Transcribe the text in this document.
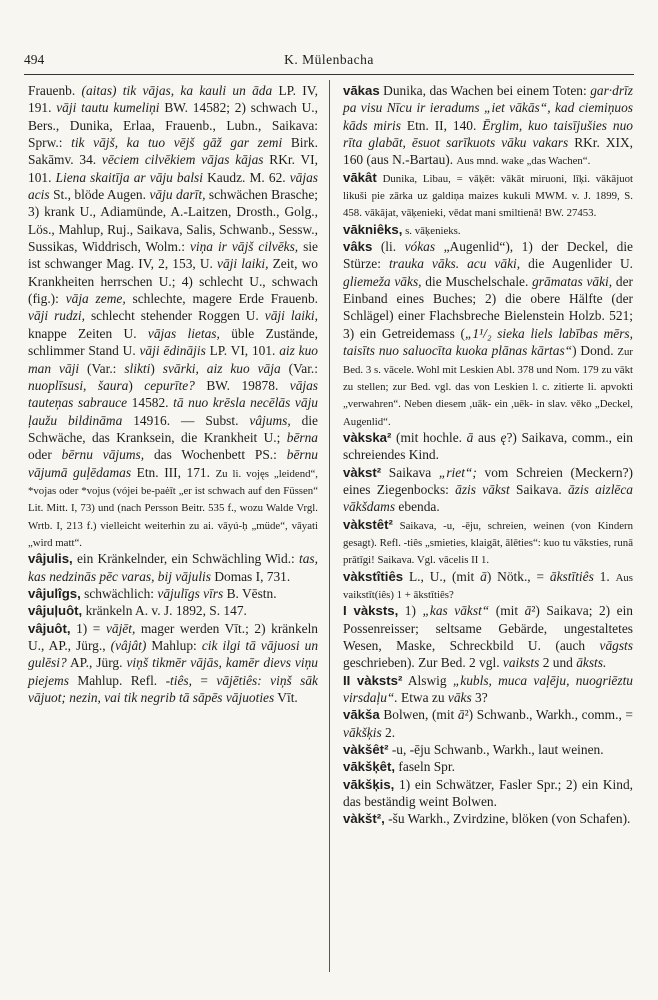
494	K. Mülenbacha

Frauenb. (aitas) tik vājas, ka kauli un āda LP. IV, 191. vāji tautu kumeliņi BW. 14582; 2) schwach U., Bers., Dunika, Erlaa, Frauenb., Lubn., Saikava: Sprw.: tik vājš, ka tuo vējš gāž gar zemi Birk. Sakāmv. 34. vēciem cilvēkiem vājas kājas RKr. VI, 101. Liena skaitīja ar vāju balsi Kaudz. M. 62. vājas acis St., blöde Augen. vāju darīt, schwächen Brasche; 3) krank U., Adiamünde, A.-Laitzen, Drosth., Golg., Lös., Mahlup, Ruj., Saikava, Salis, Schwanb., Sessw., Sussikas, Widdrisch, Wolm.: viņa ir vājš cilvēks, sie ist schwanger Mag. IV, 2, 153, U. vāji laiki, Zeit, wo Krankheiten herrschen U.; 4) schlecht U., schwach (fig.): vāja zeme, schlechte, magere Erde Frauenb. vāji rudzi, schlecht stehender Roggen U. vāji laiki, knappe Zeiten U. vājas lietas, üble Zustände, schlimmer Stand U. vāji ēdināјis LP. VI, 101. aiz kuo man vāji (Var.: slikti) svārki, aiz kuo vāja (Var.: nuoplīsusi, šaura) cepurīte? BW. 19878. vājas tauteņas sabrauce 14582. tā nuo krēsla necēlās vāju ļaužu bildināma 14916. — Subst. vâjums, die Schwäche, das Kranksein, die Krankheit U.; bērna oder bērnu vājums, das Wochenbett PS.: bērnu vājumā guļēdamas Etn. III, 171. Zu li. vojęs „leidend“, *vojas oder *vojus (vójei be-paėīt „er ist schwach auf den Füssen“ Lit. Mitt. I, 73) und (nach Persson Beitr. 535 f., wozu Walde Vrgl. Wrtb. I, 213 f.) vielleicht weiterhin zu ai. vāyú-ḥ „müde“, vāyati „wird matt“.

vâjulis, ein Kränkelnder, ein Schwächling Wid.: tas, kas nedzinās pēc varas, bij vājulis Domas I, 731.

vâjulîgs, schwächlich: vājulīgs vīrs B. Vēstn.

vâjuļuôt, kränkeln A. v. J. 1892, S. 147.

vâjuôt, 1) = vājēt, mager werden Vīt.; 2) kränkeln U., AP., Jürg., (vâjât) Mahlup: cik ilgi tā vājuosi un gulēsi? AP., Jürg. viņš tikmēr vājās, kamēr dievs viņu piejems Mahlup. Refl. -tiês, = vājētiês: viņš sāk vājuot; nezin, vai tik negrib tā sāpēs vājuoties Vīt.

vākas Dunika, das Wachen bei einem Toten: gar·drīz pa visu Nīcu ir ieradums „iet vākās“, kad ciemiņuos kāds miris Etn. II, 140. Ērglim, kuo taisījušies nuo rīta glabāt, ēsuot sarīkuots vāku vakars RKr. XIX, 160 (aus N.-Bartau). Aus mnd. wake „das Wachen“.

vākât Dunika, Libau, = vāķēt: vākāt miruoni, līķi. vākājuot likuši pie zārka uz galdiņa maizes kukuli MWM. v. J. 1899, S. 458. vākājat, vāķenieki, vēdat mani smiltienā! BW. 27453.

vākniêks, s. vāķenieks.

vâks (li. vókas „Augenlid“), 1) der Deckel, die Stürze: trauka vāks. acu vāki, die Augenlider U. gliemeža vāks, die Muschelschale. grāmatas vāki, der Einband eines Buches; 2) die obere Hälfte (der Schlägel) einer Flachsbreche Bielenstein Holzb. 521; 3) ein Getreidemass („1¹/₂ sieka liels labības mērs, taisīts nuo saluocīta kuoka plānas kārtas“) Dond. Zur Bed. 3 s. vācele. Wohl mit Leskien Abl. 378 und Nom. 179 zu vākt zu stellen; zur Bed. vgl. das von Leskien l. c. zitierte li. apvokti „verwahren“. Neben diesem ,uāk- ein ,uēk- in slav. věko „Deckel, Augenlid“.

vàkska² (mit hochle. ā aus ę?) Saikava, comm., ein schreiendes Kind.

vàkst² Saikava „riet“; vom Schreien (Meckern?) eines Ziegenbocks: āzis vākst Saikava. āzis aizlēca vākšdams ebenda.

vàkstêt² Saikava, -u, -ēju, schreien, weinen (von Kindern gesagt). Refl. -tiês „smieties, klaigāt, ālēties“: kuo tu vāksties, runā prātīgi! Saikava. Vgl. vācelis II 1.

vàkstîtiês L., U., (mit ā) Nötk., = ākstītiês 1. Aus vaikstīt(iês) 1 + ākstītiês?

I vàksts, 1) „kas vākst“ (mit ā²) Saikava; 2) ein Possenreisser; seltsame Gebärde, ungestaltetes Wesen, Maske, Schreckbild U. (auch vāgsts geschrieben). Zur Bed. 2 vgl. vaiksts 2 und āksts.

II vàksts² Alswig „kubls, muca vaļēju, nuogriēztu virsdaļu“. Etwa zu vāks 3?

vākša Bolwen, (mit ā²) Schwanb., Warkh., comm., = vākšķis 2.

vàkšêt² -u, -ēju Schwanb., Warkh., laut weinen.

vākšķêt, faseln Spr.

vākšķis, 1) ein Schwätzer, Fasler Spr.; 2) ein Kind, das beständig weint Bolwen.

vàkšt², -šu Warkh., Zvirdzine, blöken (von Schafen).
